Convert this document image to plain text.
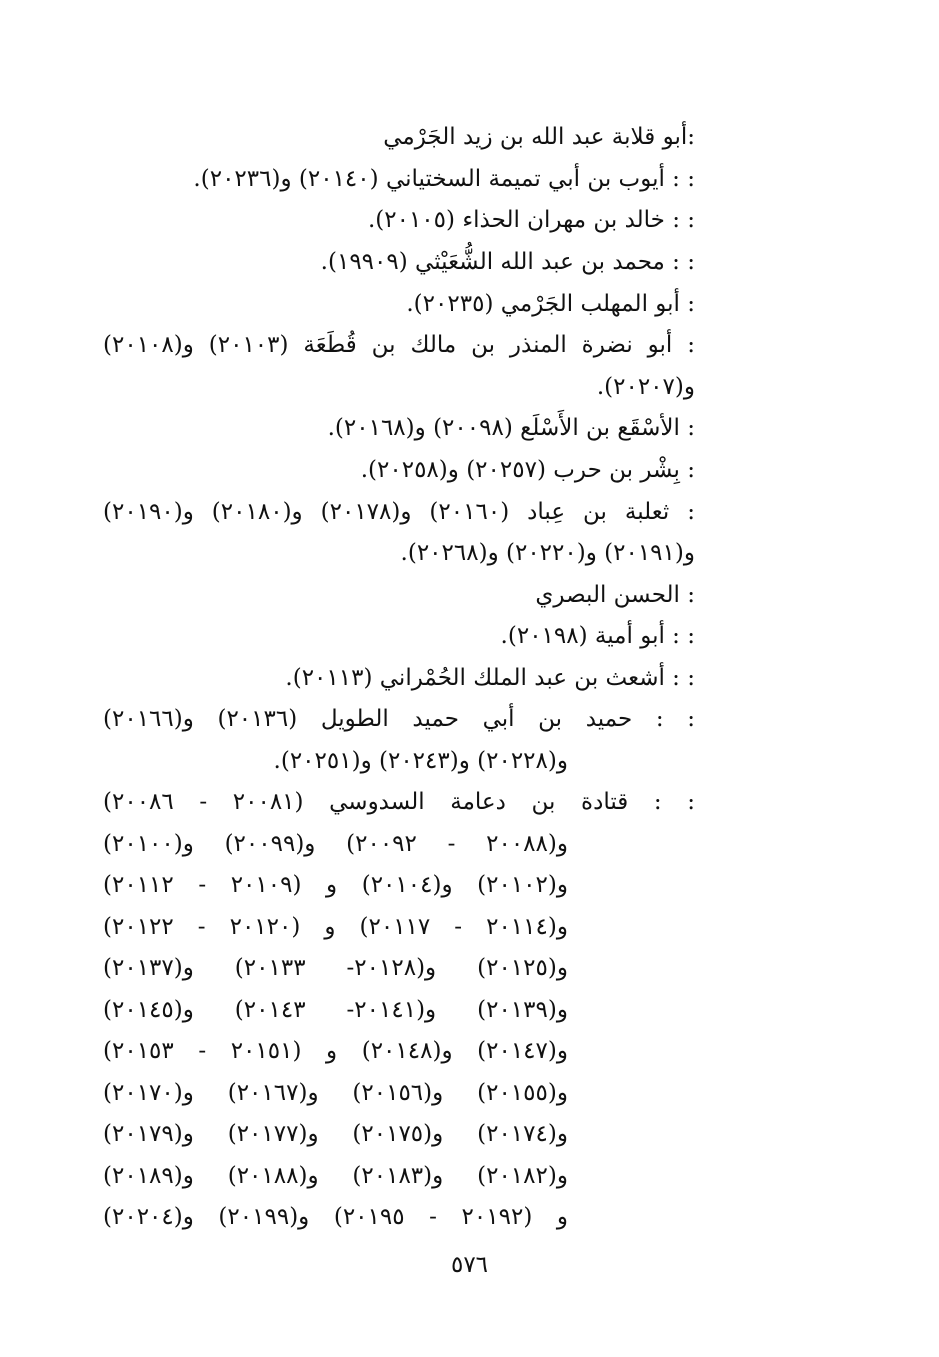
:أبو قلابة عبد الله بن زيد الجَرْمي
: : أيوب بن أبي تميمة السختياني (٢٠١٤٠) و(٢٠٢٣٦).
: : خالد بن مهران الحذاء (٢٠١٠٥).
: : محمد بن عبد الله الشُّعَيْثي (١٩٩٠٩).
: أبو المهلب الجَرْمي (٢٠٢٣٥).
: أبو نضرة المنذر بن مالك بن قُطَعَة (٢٠١٠٣) و(٢٠١٠٨)
و(٢٠٢٠٧).
: الأسْقَع بن الأَسْلَع (٢٠٠٩٨) و(٢٠١٦٨).
: بِشْر بن حرب (٢٠٢٥٧) و(٢٠٢٥٨).
: ثعلبة بن عِباد (٢٠١٦٠) و(٢٠١٧٨) و(٢٠١٨٠) و(٢٠١٩٠)
و(٢٠١٩١) و(٢٠٢٢٠) و(٢٠٢٦٨).
: الحسن البصري
: : أبو أمية (٢٠١٩٨).
: : أشعث بن عبد الملك الحُمْراني (٢٠١١٣).
: : حميد بن أبي حميد الطويل (٢٠١٣٦) و(٢٠١٦٦)
و(٢٠٢٢٨) و(٢٠٢٤٣) و(٢٠٢٥١).
: : قتادة بن دعامة السدوسي (٢٠٠٨١ - ٢٠٠٨٦)
و(٢٠٠٨٨ - ٢٠٠٩٢) و(٢٠٠٩٩) و(٢٠١٠٠)
و(٢٠١٠٢) و(٢٠١٠٤) و (٢٠١٠٩ - ٢٠١١٢)
و(٢٠١١٤ - ٢٠١١٧) و (٢٠١٢٠ - ٢٠١٢٢)
و(٢٠١٢٥) و(٢٠١٢٨- ٢٠١٣٣) و(٢٠١٣٧)
و(٢٠١٣٩) و(٢٠١٤١- ٢٠١٤٣) و(٢٠١٤٥)
و(٢٠١٤٧) و(٢٠١٤٨) و (٢٠١٥١ - ٢٠١٥٣)
و(٢٠١٥٥) و(٢٠١٥٦) و(٢٠١٦٧) و(٢٠١٧٠)
و(٢٠١٧٤) و(٢٠١٧٥) و(٢٠١٧٧) و(٢٠١٧٩)
و(٢٠١٨٢) و(٢٠١٨٣) و(٢٠١٨٨) و(٢٠١٨٩)
و (٢٠١٩٢ - ٢٠١٩٥) و(٢٠١٩٩) و(٢٠٢٠٤)
٥٧٦
